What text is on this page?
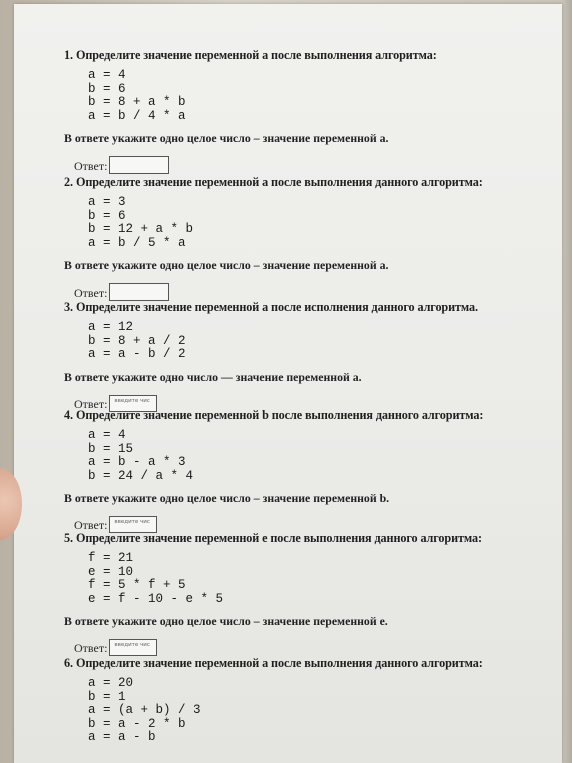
1. Определите значение переменной a после выполнения алгоритма:

a = 4
b = 6
b = 8 + a * b
a = b / 4 * a
В ответе укажите одно целое число – значение переменной a.
Ответ:

2. Определите значение переменной a после выполнения данного алгоритма:

a = 3
b = 6
b = 12 + a * b
a = b / 5 * a
В ответе укажите одно целое число – значение переменной a.
Ответ:

3. Определите значение переменной a после исполнения данного алгоритма.

a = 12
b = 8 + a / 2
a = a - b / 2
В ответе укажите одно число — значение переменной a.
Ответ:	введите чис

4. Определите значение переменной b после выполнения данного алгоритма:

a = 4
b = 15
a = b - a * 3
b = 24 / a * 4
В ответе укажите одно целое число – значение переменной b.
Ответ:	введите чис

5. Определите значение переменной e после выполнения данного алгоритма:

f = 21
e = 10
f = 5 * f + 5
e = f - 10 - e * 5
В ответе укажите одно целое число – значение переменной e.
Ответ:	введите чис

6. Определите значение переменной a после выполнения данного алгоритма:

a = 20
b = 1
a = (a + b) / 3
b = a - 2 * b
a = a - b
